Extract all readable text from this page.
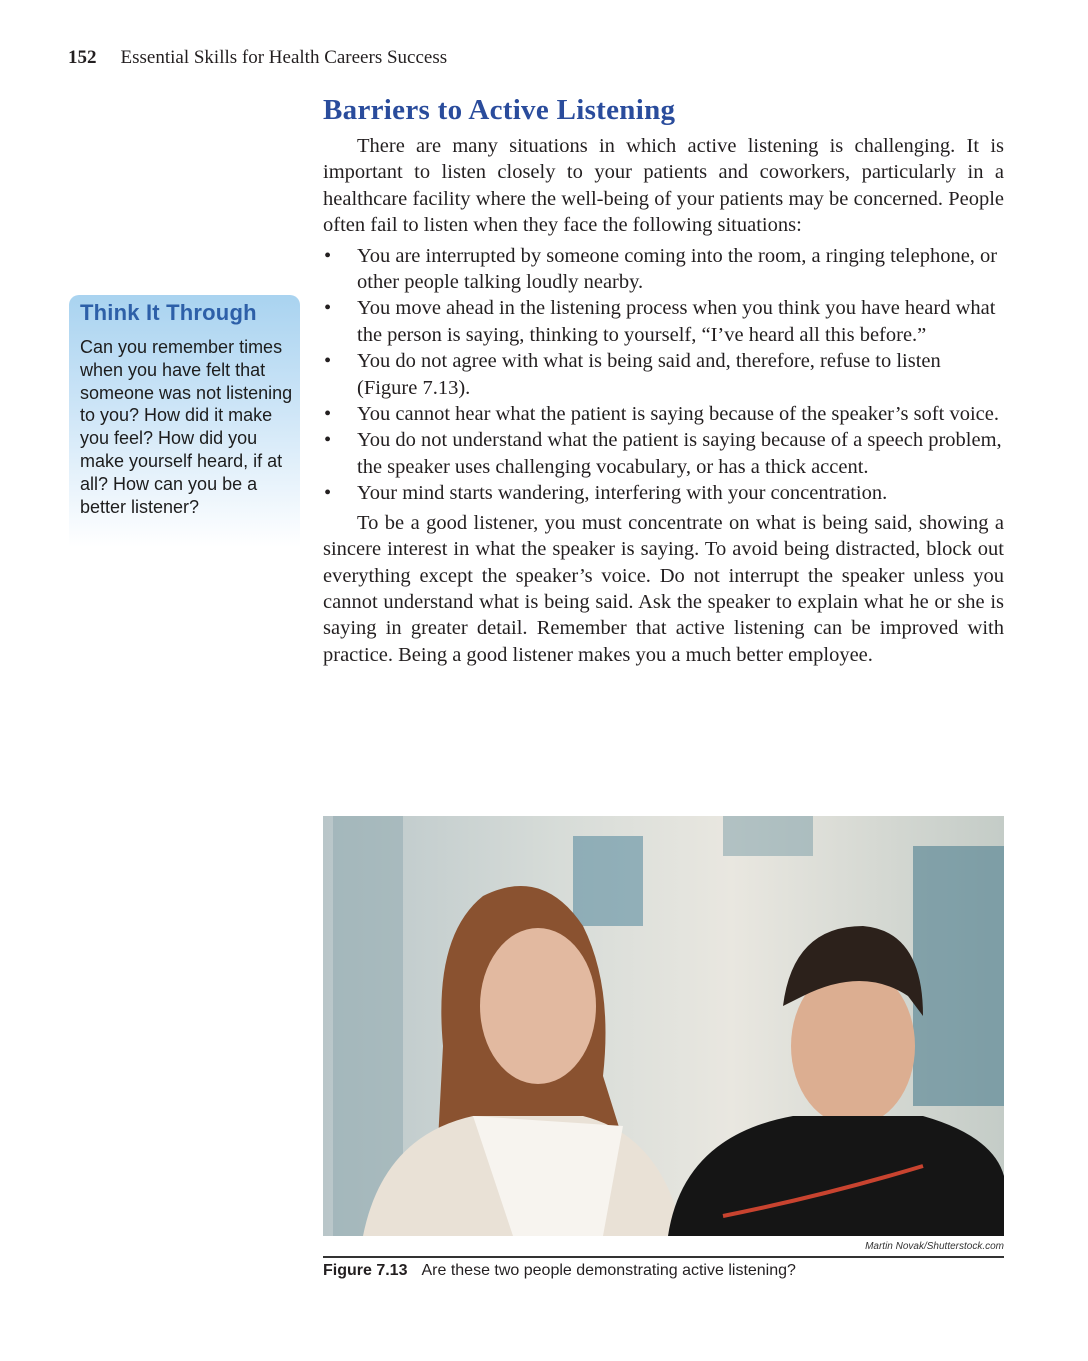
152 Essential Skills for Health Careers Success
Barriers to Active Listening

There are many situations in which active listening is challenging. It is important to listen closely to your patients and coworkers, particularly in a healthcare facility where the well-being of your patients may be concerned. People often fail to listen when they face the following situations:

• You are interrupted by someone coming into the room, a ringing telephone, or other people talking loudly nearby.
• You move ahead in the listening process when you think you have heard what the person is saying, thinking to yourself, “I’ve heard all this before.”
• You do not agree with what is being said and, therefore, refuse to listen (Figure 7.13).
• You cannot hear what the patient is saying because of the speaker’s soft voice.
• You do not understand what the patient is saying because of a speech problem, the speaker uses challenging vocabulary, or has a thick accent.
• Your mind starts wandering, interfering with your concentration.

To be a good listener, you must concentrate on what is being said, showing a sincere interest in what the speaker is saying. To avoid being distracted, block out everything except the speaker’s voice. Do not interrupt the speaker unless you cannot understand what is being said. Ask the speaker to explain what he or she is saying in greater detail. Remember that active listening can be improved with practice. Being a good listener makes you a much better employee.

Think It Through
Can you remember times when you have felt that someone was not listening to you? How did it make you feel? How did you make yourself heard, if at all? How can you be a better listener?
Martin Novak/Shutterstock.com
Figure 7.13 Are these two people demonstrating active listening?
